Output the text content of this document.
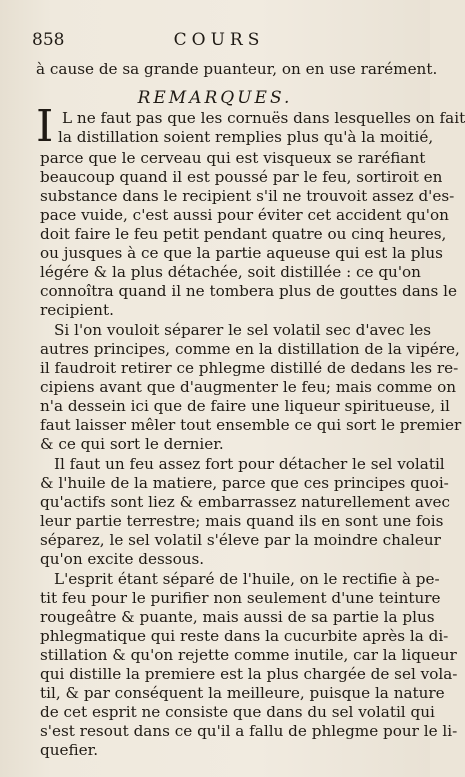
858	COURS
à cause de sa grande puanteur, on en use rarément.
REMARQUES.
I L ne faut pas que les cornuës dans lesquelles on fait
la distillation soient remplies plus qu'à la moitié,
parce que le cerveau qui est visqueux se raréfiant
beaucoup quand il est poussé par le feu, sortiroit en
substance dans le recipient s'il ne trouvoit assez d'es-
pace vuide, c'est aussi pour éviter cet accident qu'on
doit faire le feu petit pendant quatre ou cinq heures,
ou jusques à ce que la partie aqueuse qui est la plus
légére & la plus détachée, soit distillée : ce qu'on
connoîtra quand il ne tombera plus de gouttes dans le
recipient.
Si l'on vouloit séparer le sel volatil sec d'avec les
autres principes, comme en la distillation de la vipére,
il faudroit retirer ce phlegme distillé de dedans les re-
cipiens avant que d'augmenter le feu; mais comme on
n'a dessein ici que de faire une liqueur spiritueuse, il
faut laisser mêler tout ensemble ce qui sort le premier
& ce qui sort le dernier.
Il faut un feu assez fort pour détacher le sel volatil
& l'huile de la matiere, parce que ces principes quoi-
qu'actifs sont liez & embarrassez naturellement avec
leur partie terrestre; mais quand ils en sont une fois
séparez, le sel volatil s'éleve par la moindre chaleur
qu'on excite dessous.
L'esprit étant séparé de l'huile, on le rectifie à pe-
tit feu pour le purifier non seulement d'une teinture
rougeâtre & puante, mais aussi de sa partie la plus
phlegmatique qui reste dans la cucurbite après la di-
stillation & qu'on rejette comme inutile, car la liqueur
qui distille la premiere est la plus chargée de sel vola-
til, & par conséquent la meilleure, puisque la nature
de cet esprit ne consiste que dans du sel volatil qui
s'est resout dans ce qu'il a fallu de phlegme pour le li-
quefier.
